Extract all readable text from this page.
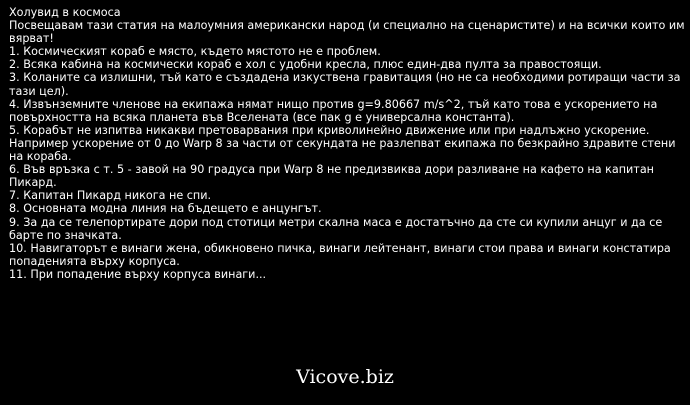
Холувид в космоса

Посвещавам тази статия на малоумния американски народ (и специално на сценаристите) и на всички които им вярват!

1. Космическият кораб е място, където мястото не е проблем.

2. Всяка кабина на космически кораб е хол с удобни кресла, плюс един-два пулта за правостоящи.

3. Коланите са излишни, тъй като е създадена изкуствена гравитация (но не са необходими ротиращи части за тази цел).

4. Извънземните членове на екипажа нямат нищо против g=9.80667 m/s^2, тъй като това е ускорението на повърхността на всяка планета във Вселената (все пак g е универсална константа).

5. Корабът не изпитва никакви претоварвания при криволинейно движение или при надлъжно ускорение. Например ускорение от 0 до Warp 8 за части от секундата не разлепват екипажа по безкрайно здравите стени на кораба.

6. Във връзка с т. 5 - завой на 90 градуса при Warp 8 не предизвиква дори разливане на кафето на капитан Пикард.

7. Капитан Пикард никога не спи.

8. Основната модна линия на бъдещето е анцунгът.

9. За да се телепортирате дори под стотици метри скална маса е достатъчно да сте си купили анцуг и да се бартe по значката.

10. Навигаторът е винаги жена, обикновено пичка, винаги лейтенант, винаги стои права и винаги констатира попаденията върху корпуса.

11. При попадение върху корпуса винаги...

Vicove.biz
